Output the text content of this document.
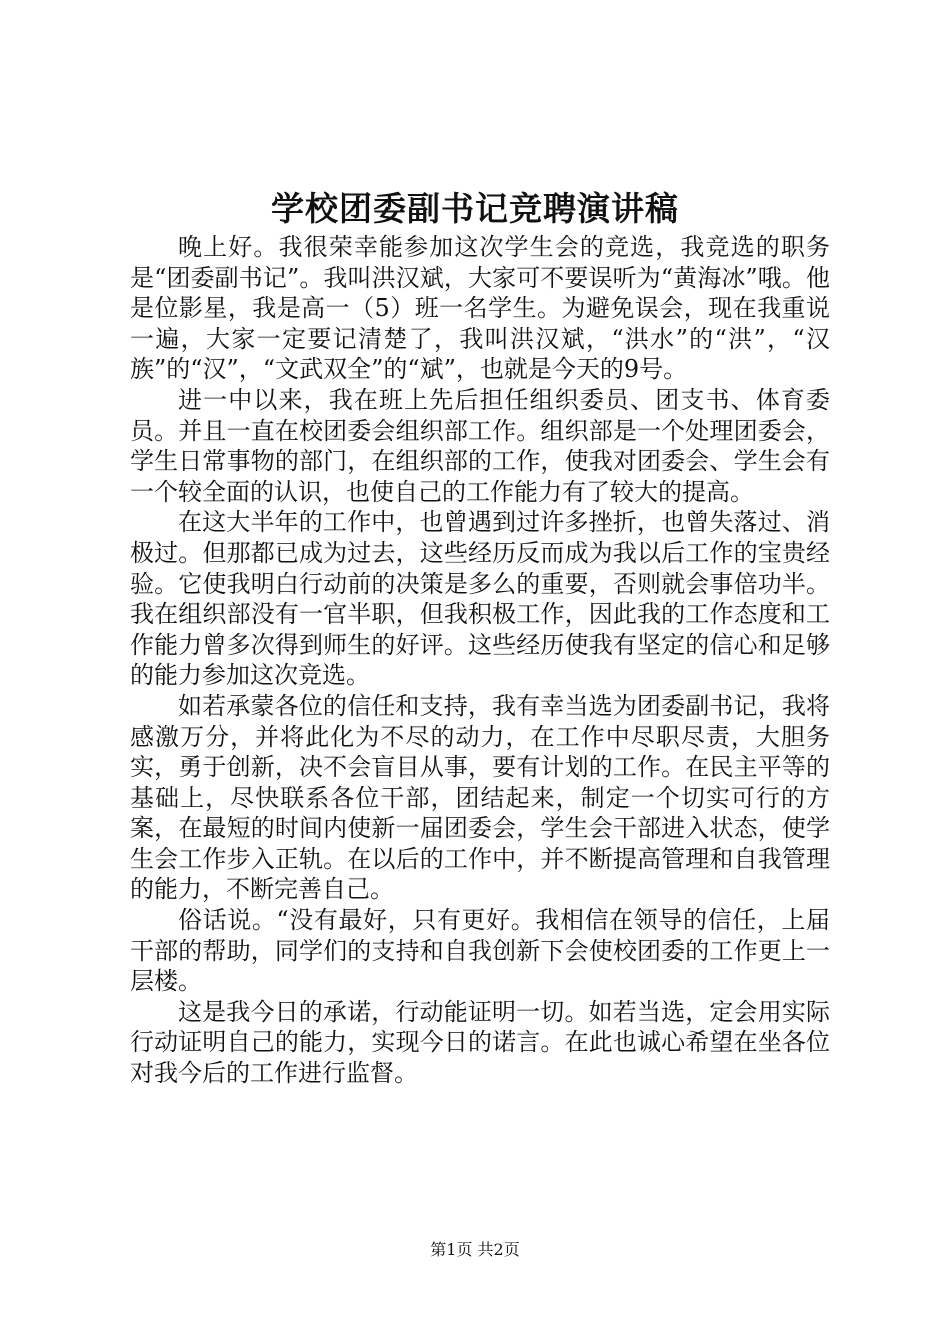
学校团委副书记竞聘演讲稿

晚上好。我很荣幸能参加这次学生会的竞选，我竞选的职务是“团委副书记”。我叫洪汉斌，大家可不要误听为“黄海冰”哦。他是位影星，我是高一（5）班一名学生。为避免误会，现在我重说一遍，大家一定要记清楚了，我叫洪汉斌，“洪水”的“洪”，“汉族”的“汉”，“文武双全”的“斌”，也就是今天的9号。

进一中以来，我在班上先后担任组织委员、团支书、体育委员。并且一直在校团委会组织部工作。组织部是一个处理团委会，学生日常事物的部门，在组织部的工作，使我对团委会、学生会有一个较全面的认识，也使自己的工作能力有了较大的提高。

在这大半年的工作中，也曾遇到过许多挫折，也曾失落过、消极过。但那都已成为过去，这些经历反而成为我以后工作的宝贵经验。它使我明白行动前的决策是多么的重要，否则就会事倍功半。我在组织部没有一官半职，但我积极工作，因此我的工作态度和工作能力曾多次得到师生的好评。这些经历使我有坚定的信心和足够的能力参加这次竞选。

如若承蒙各位的信任和支持，我有幸当选为团委副书记，我将感激万分，并将此化为不尽的动力，在工作中尽职尽责，大胆务实，勇于创新，决不会盲目从事，要有计划的工作。在民主平等的基础上，尽快联系各位干部，团结起来，制定一个切实可行的方案，在最短的时间内使新一届团委会，学生会干部进入状态，使学生会工作步入正轨。在以后的工作中，并不断提高管理和自我管理的能力，不断完善自己。

俗话说。“没有最好，只有更好。我相信在领导的信任，上届干部的帮助，同学们的支持和自我创新下会使校团委的工作更上一层楼。

这是我今日的承诺，行动能证明一切。如若当选，定会用实际行动证明自己的能力，实现今日的诺言。在此也诚心希望在坐各位对我今后的工作进行监督。

第1页 共2页
